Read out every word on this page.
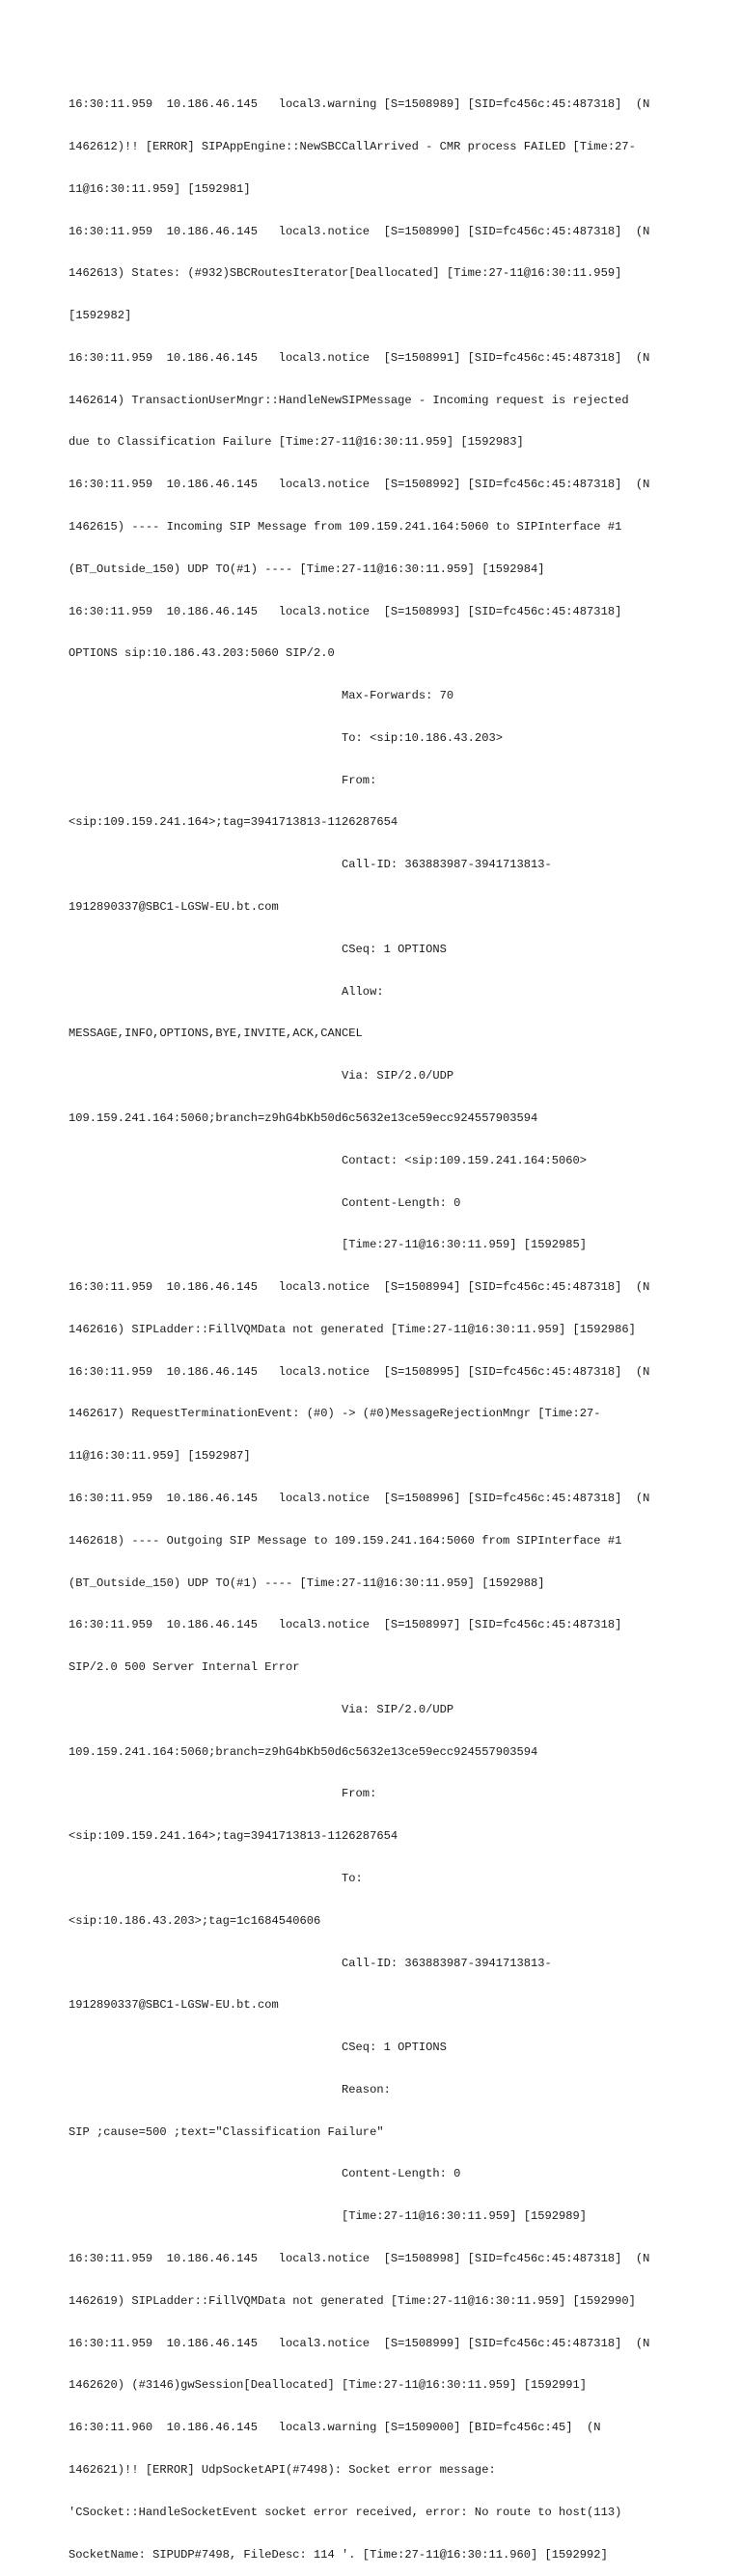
16:30:11.959  10.186.46.145   local3.warning [S=1508989] [SID=fc456c:45:487318]  (N

1462612)!! [ERROR] SIPAppEngine::NewSBCCallArrived - CMR process FAILED [Time:27-

11@16:30:11.959] [1592981]

16:30:11.959  10.186.46.145   local3.notice  [S=1508990] [SID=fc456c:45:487318]  (N

1462613) States: (#932)SBCRoutesIterator[Deallocated] [Time:27-11@16:30:11.959]

[1592982]

16:30:11.959  10.186.46.145   local3.notice  [S=1508991] [SID=fc456c:45:487318]  (N

1462614) TransactionUserMngr::HandleNewSIPMessage - Incoming request is rejected

due to Classification Failure [Time:27-11@16:30:11.959] [1592983]

16:30:11.959  10.186.46.145   local3.notice  [S=1508992] [SID=fc456c:45:487318]  (N

1462615) ---- Incoming SIP Message from 109.159.241.164:5060 to SIPInterface #1

(BT_Outside_150) UDP TO(#1) ---- [Time:27-11@16:30:11.959] [1592984]

16:30:11.959  10.186.46.145   local3.notice  [S=1508993] [SID=fc456c:45:487318]

OPTIONS sip:10.186.43.203:5060 SIP/2.0

Max-Forwards: 70

To: <sip:10.186.43.203>

From:

<sip:109.159.241.164>;tag=3941713813-1126287654

Call-ID: 363883987-3941713813-

1912890337@SBC1-LGSW-EU.bt.com

CSeq: 1 OPTIONS

Allow:

MESSAGE,INFO,OPTIONS,BYE,INVITE,ACK,CANCEL

Via: SIP/2.0/UDP

109.159.241.164:5060;branch=z9hG4bKb50d6c5632e13ce59ecc924557903594

Contact: <sip:109.159.241.164:5060>

Content-Length: 0

[Time:27-11@16:30:11.959] [1592985]

16:30:11.959  10.186.46.145   local3.notice  [S=1508994] [SID=fc456c:45:487318]  (N

1462616) SIPLadder::FillVQMData not generated [Time:27-11@16:30:11.959] [1592986]

16:30:11.959  10.186.46.145   local3.notice  [S=1508995] [SID=fc456c:45:487318]  (N

1462617) RequestTerminationEvent: (#0) -> (#0)MessageRejectionMngr [Time:27-

11@16:30:11.959] [1592987]

16:30:11.959  10.186.46.145   local3.notice  [S=1508996] [SID=fc456c:45:487318]  (N

1462618) ---- Outgoing SIP Message to 109.159.241.164:5060 from SIPInterface #1

(BT_Outside_150) UDP TO(#1) ---- [Time:27-11@16:30:11.959] [1592988]

16:30:11.959  10.186.46.145   local3.notice  [S=1508997] [SID=fc456c:45:487318]

SIP/2.0 500 Server Internal Error

Via: SIP/2.0/UDP

109.159.241.164:5060;branch=z9hG4bKb50d6c5632e13ce59ecc924557903594

From:

<sip:109.159.241.164>;tag=3941713813-1126287654

To:

<sip:10.186.43.203>;tag=1c1684540606

Call-ID: 363883987-3941713813-

1912890337@SBC1-LGSW-EU.bt.com

CSeq: 1 OPTIONS

Reason:

SIP ;cause=500 ;text="Classification Failure"

Content-Length: 0

[Time:27-11@16:30:11.959] [1592989]

16:30:11.959  10.186.46.145   local3.notice  [S=1508998] [SID=fc456c:45:487318]  (N

1462619) SIPLadder::FillVQMData not generated [Time:27-11@16:30:11.959] [1592990]

16:30:11.959  10.186.46.145   local3.notice  [S=1508999] [SID=fc456c:45:487318]  (N

1462620) (#3146)gwSession[Deallocated] [Time:27-11@16:30:11.959] [1592991]

16:30:11.960  10.186.46.145   local3.warning [S=1509000] [BID=fc456c:45]  (N

1462621)!! [ERROR] UdpSocketAPI(#7498): Socket error message:

'CSocket::HandleSocketEvent socket error received, error: No route to host(113)

SocketName: SIPUDP#7498, FileDesc: 114 '. [Time:27-11@16:30:11.960] [1592992]
